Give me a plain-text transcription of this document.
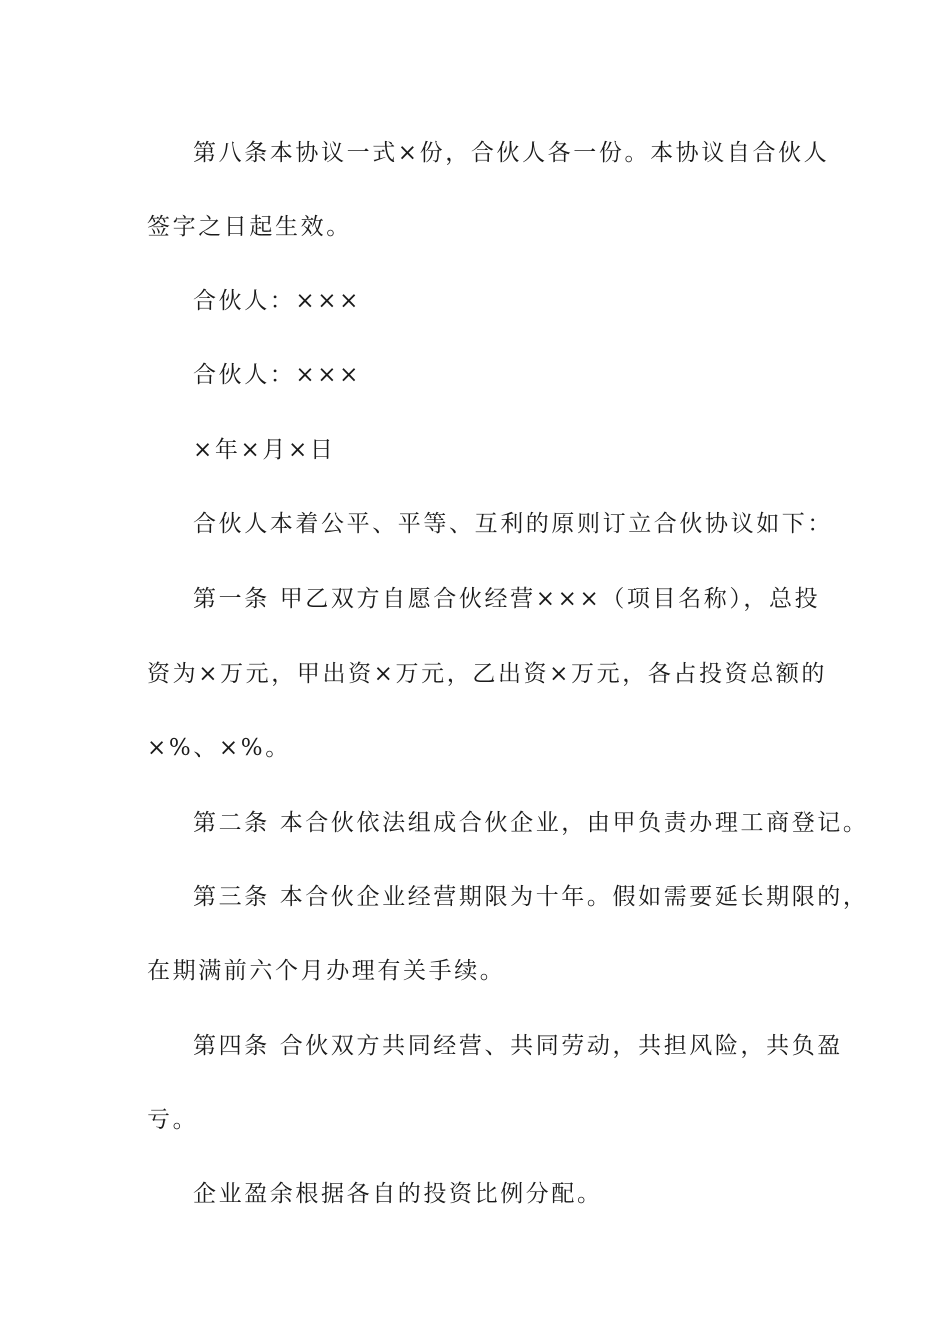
第八条本协议一式×份，合伙人各一份。本协议自合伙人
签字之日起生效。
合伙人：×××
合伙人：×××
×年×月×日
合伙人本着公平、平等、互利的原则订立合伙协议如下：
第一条 甲乙双方自愿合伙经营×××（项目名称），总投
资为×万元，甲出资×万元，乙出资×万元，各占投资总额的
×%、×%。
第二条 本合伙依法组成合伙企业，由甲负责办理工商登记。
第三条 本合伙企业经营期限为十年。假如需要延长期限的，
在期满前六个月办理有关手续。
第四条 合伙双方共同经营、共同劳动，共担风险，共负盈
亏。
企业盈余根据各自的投资比例分配。
